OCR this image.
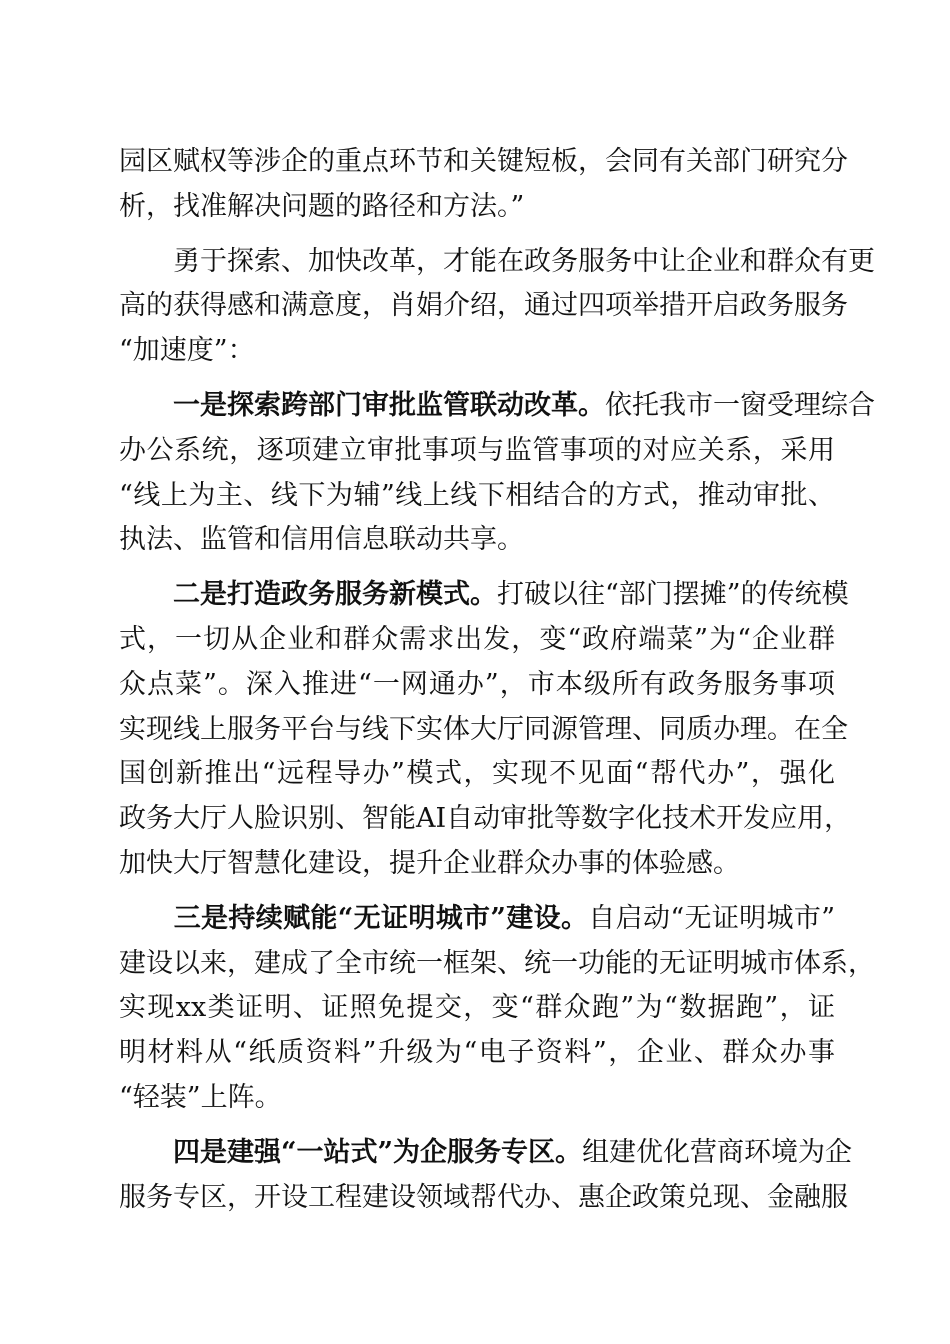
园区赋权等涉企的重点环节和关键短板，会同有关部门研究分
析，找准解决问题的路径和方法。”
　　勇于探索、加快改革，才能在政务服务中让企业和群众有更
高的获得感和满意度，肖娟介绍，通过四项举措开启政务服务
“加速度”：
　　一是探索跨部门审批监管联动改革。依托我市一窗受理综合
办公系统，逐项建立审批事项与监管事项的对应关系，采用
“线上为主、线下为辅”线上线下相结合的方式，推动审批、
执法、监管和信用信息联动共享。
　　二是打造政务服务新模式。打破以往“部门摆摊”的传统模
式，一切从企业和群众需求出发，变“政府端菜”为“企业群
众点菜”。深入推进“一网通办”，市本级所有政务服务事项
实现线上服务平台与线下实体大厅同源管理、同质办理。在全
国创新推出“远程导办”模式，实现不见面“帮代办”，强化
政务大厅人脸识别、智能AI自动审批等数字化技术开发应用，
加快大厅智慧化建设，提升企业群众办事的体验感。
　　三是持续赋能“无证明城市”建设。自启动“无证明城市”
建设以来，建成了全市统一框架、统一功能的无证明城市体系，
实现xx类证明、证照免提交，变“群众跑”为“数据跑”，证
明材料从“纸质资料”升级为“电子资料”，企业、群众办事
“轻装”上阵。
　　四是建强“一站式”为企服务专区。组建优化营商环境为企
服务专区，开设工程建设领域帮代办、惠企政策兑现、金融服
